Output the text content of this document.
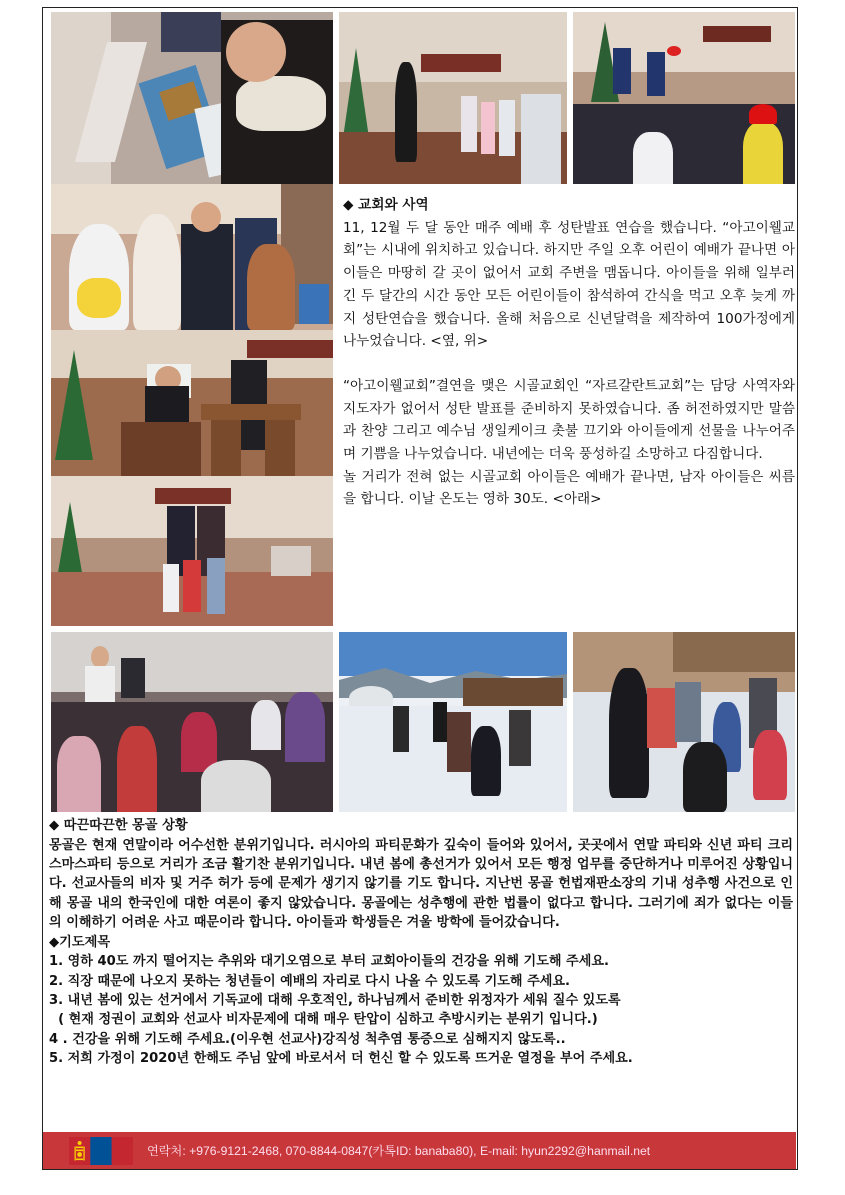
◆ 교회와 사역

11, 12월 두 달 동안 매주 예배 후 성탄발표 연습을 했습니다. “아고이웰교회”는 시내에 위치하고 있습니다. 하지만 주일 오후 어린이 예배가 끝나면 아이들은 마땅히 갈 곳이 없어서 교회 주변을 맴돕니다. 아이들을 위해 일부러 긴 두 달간의 시간 동안 모든 어린이들이 참석하여 간식을 먹고 오후 늦게 까지 성탄연습을 했습니다. 올해 처음으로 신년달력을 제작하여 100가정에게 나누었습니다. <옆, 위>

“아고이웰교회”결연을 맺은 시골교회인 “자르갈란트교회”는 담당 사역자와 지도자가 없어서 성탄 발표를 준비하지 못하였습니다. 좀 허전하였지만 말씀과 찬양 그리고 예수님 생일케이크 촛불 끄기와 아이들에게 선물을 나누어주며 기쁨을 나누었습니다. 내년에는 더욱 풍성하길 소망하고 다짐합니다.

놀 거리가 전혀 없는 시골교회 아이들은 예배가 끝나면, 남자 아이들은 씨름을 합니다. 이날 온도는 영하 30도. <아래>

◆ 따끈따끈한 몽골 상황

몽골은 현재 연말이라 어수선한 분위기입니다. 러시아의 파티문화가 깊숙이 들어와 있어서, 곳곳에서 연말 파티와 신년 파티 크리스마스파티 등으로 거리가 조금 활기찬 분위기입니다. 내년 봄에 총선거가 있어서 모든 행정 업무를 중단하거나 미루어진 상황입니다. 선교사들의 비자 및 거주 허가 등에 문제가 생기지 않기를 기도 합니다. 지난번 몽골 헌법재판소장의 기내 성추행 사건으로 인해 몽골 내의 한국인에 대한 여론이 좋지 않았습니다. 몽골에는 성추행에 관한 법률이 없다고 합니다. 그러기에 죄가 없다는 이들의 이해하기 어려운 사고 때문이라 합니다. 아이들과 학생들은 겨울 방학에 들어갔습니다.

◆기도제목

1. 영하 40도 까지 떨어지는 추위와 대기오염으로 부터 교회아이들의 건강을 위해 기도해 주세요.

2. 직장 때문에 나오지 못하는 청년들이 예배의 자리로 다시 나올 수 있도록 기도해 주세요.

3. 내년 봄에 있는 선거에서 기독교에 대해 우호적인, 하나님께서 준비한 위정자가 세워 질수 있도록

( 현재 정권이 교회와 선교사 비자문제에 대해 매우 탄압이 심하고 추방시키는 분위기 입니다.)

4 . 건강을 위해 기도해 주세요.(이우현 선교사)강직성 척추염 통증으로 심해지지 않도록..

5. 저희 가정이 2020년 한해도 주님 앞에 바로서서 더 헌신 할 수 있도록 뜨거운 열정을 부어 주세요.

연락처: +976-9121-2468, 070-8844-0847(카톡ID: banaba80), E-mail: hyun2292@hanmail.net
